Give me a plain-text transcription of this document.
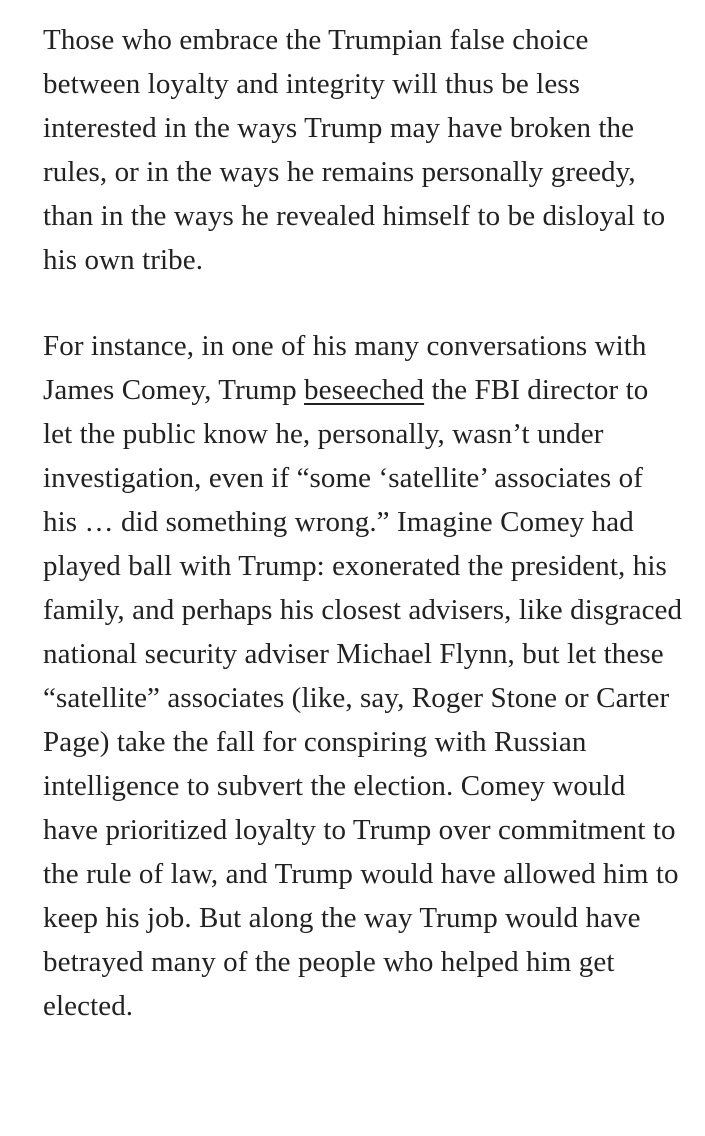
Those who embrace the Trumpian false choice between loyalty and integrity will thus be less interested in the ways Trump may have broken the rules, or in the ways he remains personally greedy, than in the ways he revealed himself to be disloyal to his own tribe.

For instance, in one of his many conversations with James Comey, Trump beseeched the FBI director to let the public know he, personally, wasn’t under investigation, even if “some ‘satellite’ associates of his … did something wrong.” Imagine Comey had played ball with Trump: exonerated the president, his family, and perhaps his closest advisers, like disgraced national security adviser Michael Flynn, but let these “satellite” associates (like, say, Roger Stone or Carter Page) take the fall for conspiring with Russian intelligence to subvert the election. Comey would have prioritized loyalty to Trump over commitment to the rule of law, and Trump would have allowed him to keep his job. But along the way Trump would have betrayed many of the people who helped him get elected.
